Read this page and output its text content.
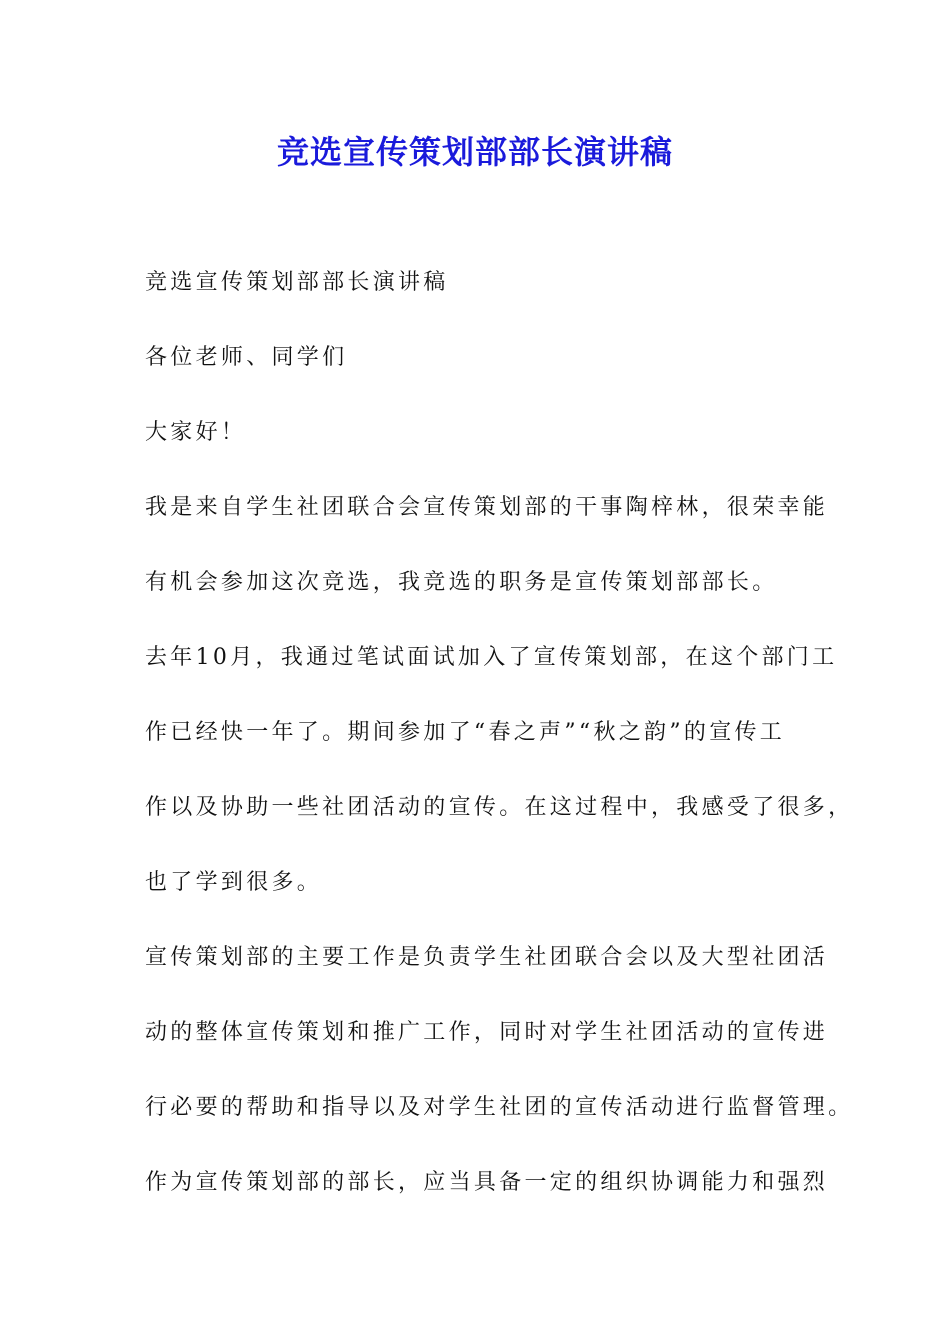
竞选宣传策划部部长演讲稿
竞选宣传策划部部长演讲稿
各位老师、同学们
大家好！
我是来自学生社团联合会宣传策划部的干事陶梓林，很荣幸能
有机会参加这次竞选，我竞选的职务是宣传策划部部长。
去年10月，我通过笔试面试加入了宣传策划部，在这个部门工
作已经快一年了。期间参加了“春之声”“秋之韵”的宣传工
作以及协助一些社团活动的宣传。在这过程中，我感受了很多，
也了学到很多。
宣传策划部的主要工作是负责学生社团联合会以及大型社团活
动的整体宣传策划和推广工作，同时对学生社团活动的宣传进
行必要的帮助和指导以及对学生社团的宣传活动进行监督管理。
作为宣传策划部的部长，应当具备一定的组织协调能力和强烈
